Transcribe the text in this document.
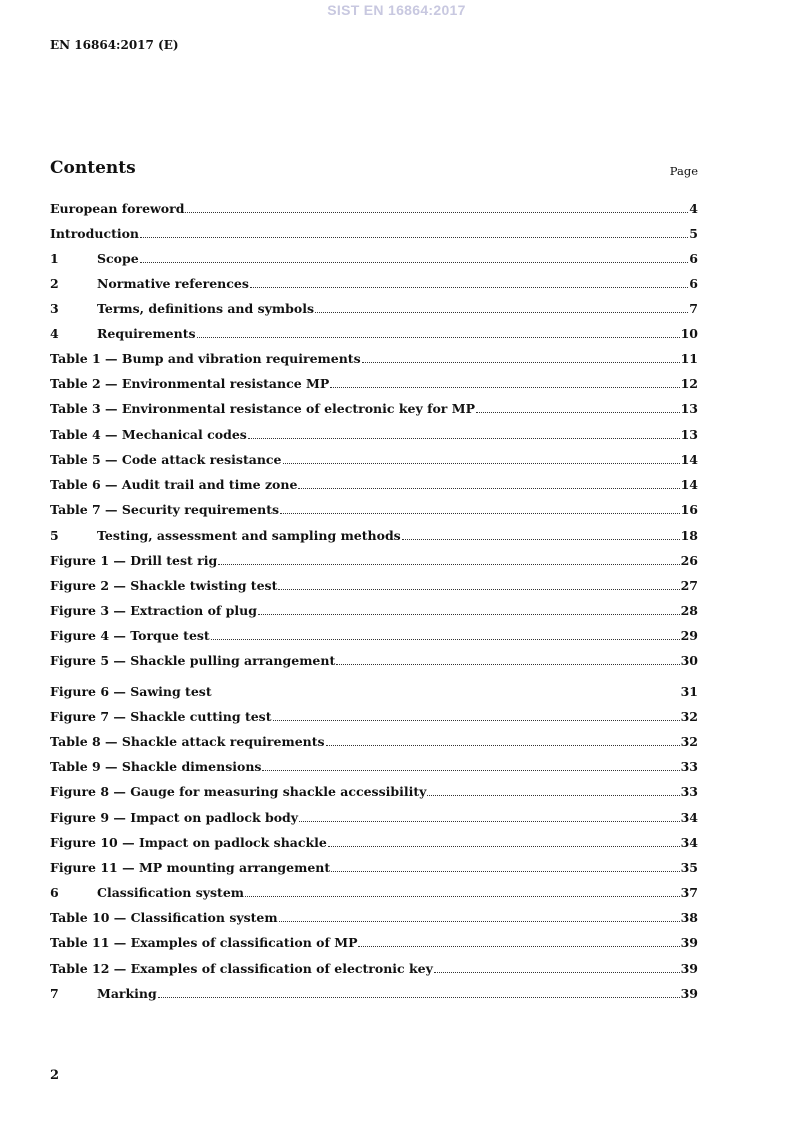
SIST EN 16864:2017
EN 16864:2017 (E)
Contents	Page
European foreword	4
Introduction	5
1	Scope	6
2	Normative references	6
3	Terms, definitions and symbols	7
4	Requirements	10
Table 1 — Bump and vibration requirements	11
Table 2 — Environmental resistance MP	12
Table 3 — Environmental resistance of electronic key for MP	13
Table 4 — Mechanical codes	13
Table 5 — Code attack resistance	14
Table 6 — Audit trail and time zone	14
Table 7 — Security requirements	16
5	Testing, assessment and sampling methods	18
Figure 1 — Drill test rig	26
Figure 2 — Shackle twisting test	27
Figure 3 — Extraction of plug	28
Figure 4 — Torque test	29
Figure 5 — Shackle pulling arrangement	30
Figure 6 — Sawing test	31
Figure 7 — Shackle cutting test	32
Table 8 — Shackle attack requirements	32
Table 9 — Shackle dimensions	33
Figure 8 — Gauge for measuring shackle accessibility	33
Figure 9 — Impact on padlock body	34
Figure 10 — Impact on padlock shackle	34
Figure 11 — MP mounting arrangement	35
6	Classification system	37
Table 10 — Classification system	38
Table 11 — Examples of classification of MP	39
Table 12 — Examples of classification of electronic key	39
7	Marking	39
2
